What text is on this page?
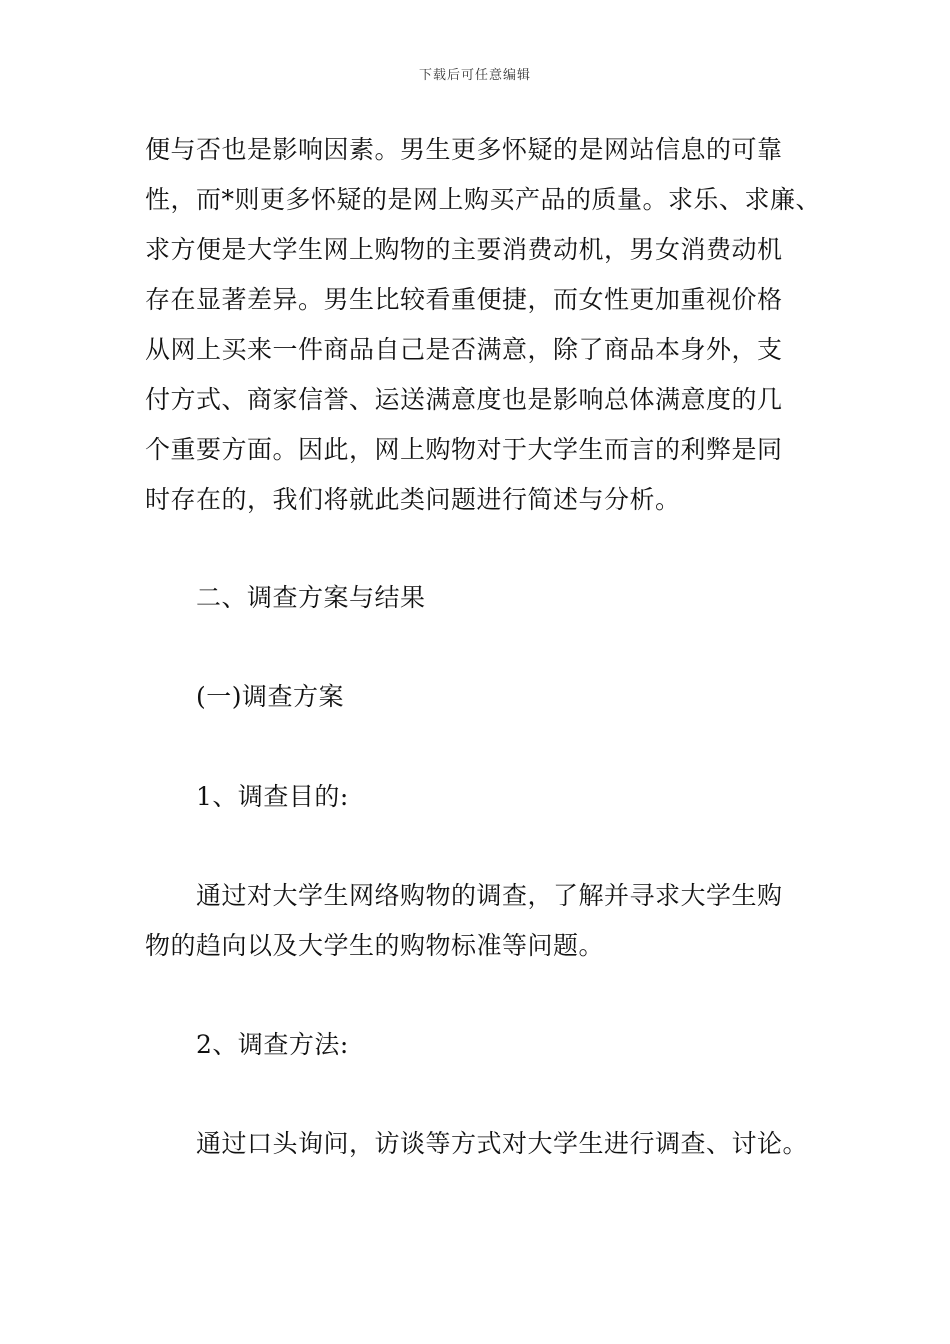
下载后可任意编辑
便与否也是影响因素。男生更多怀疑的是网站信息的可靠
性，而*则更多怀疑的是网上购买产品的质量。求乐、求廉、
求方便是大学生网上购物的主要消费动机，男女消费动机
存在显著差异。男生比较看重便捷，而女性更加重视价格
从网上买来一件商品自己是否满意，除了商品本身外，支
付方式、商家信誉、运送满意度也是影响总体满意度的几
个重要方面。因此，网上购物对于大学生而言的利弊是同
时存在的，我们将就此类问题进行简述与分析。
二、调查方案与结果
(一)调查方案
1、调查目的:
通过对大学生网络购物的调查，了解并寻求大学生购
物的趋向以及大学生的购物标准等问题。
2、调查方法:
通过口头询问，访谈等方式对大学生进行调查、讨论。
